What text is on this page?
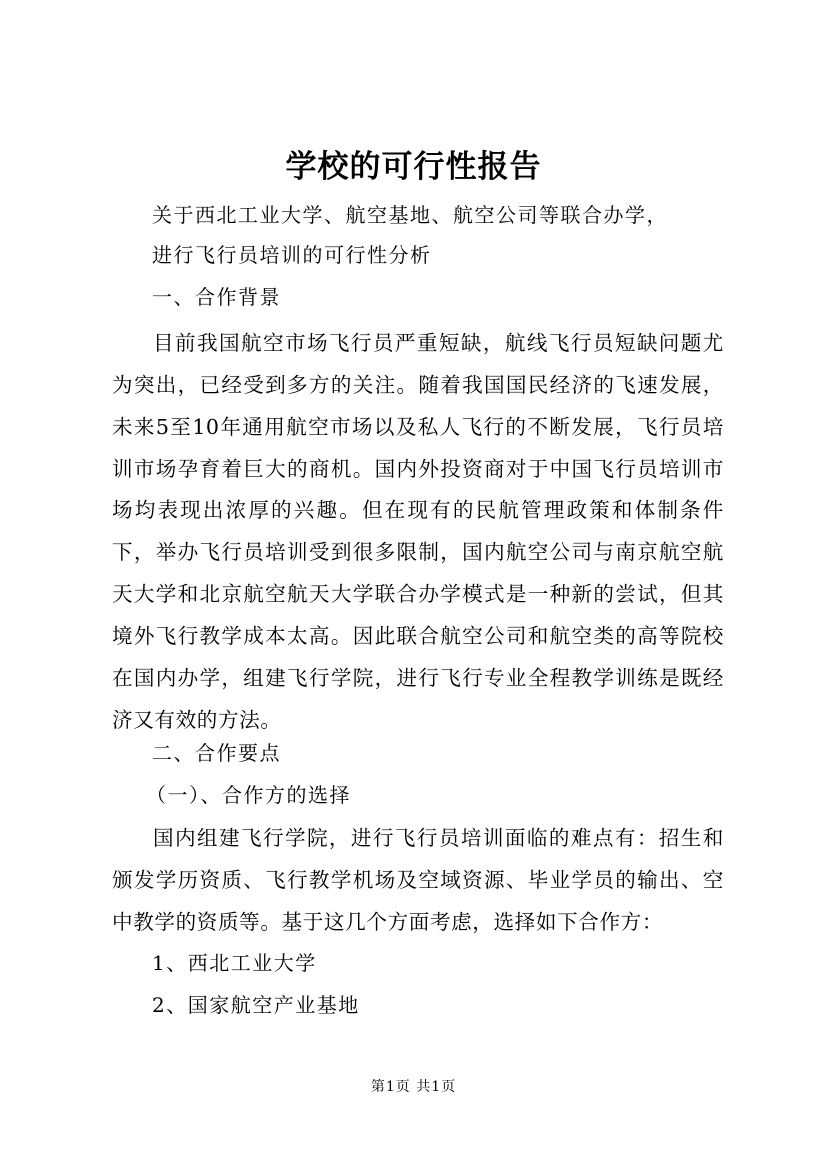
学校的可行性报告

关于西北工业大学、航空基地、航空公司等联合办学，

进行飞行员培训的可行性分析

一、合作背景

目前我国航空市场飞行员严重短缺，航线飞行员短缺问题尤为突出，已经受到多方的关注。随着我国国民经济的飞速发展，未来5至10年通用航空市场以及私人飞行的不断发展，飞行员培训市场孕育着巨大的商机。国内外投资商对于中国飞行员培训市场均表现出浓厚的兴趣。但在现有的民航管理政策和体制条件下，举办飞行员培训受到很多限制，国内航空公司与南京航空航天大学和北京航空航天大学联合办学模式是一种新的尝试，但其境外飞行教学成本太高。因此联合航空公司和航空类的高等院校在国内办学，组建飞行学院，进行飞行专业全程教学训练是既经济又有效的方法。

二、合作要点

（一）、合作方的选择

国内组建飞行学院，进行飞行员培训面临的难点有：招生和颁发学历资质、飞行教学机场及空域资源、毕业学员的输出、空中教学的资质等。基于这几个方面考虑，选择如下合作方：

1、西北工业大学

2、国家航空产业基地

第1页 共1页
